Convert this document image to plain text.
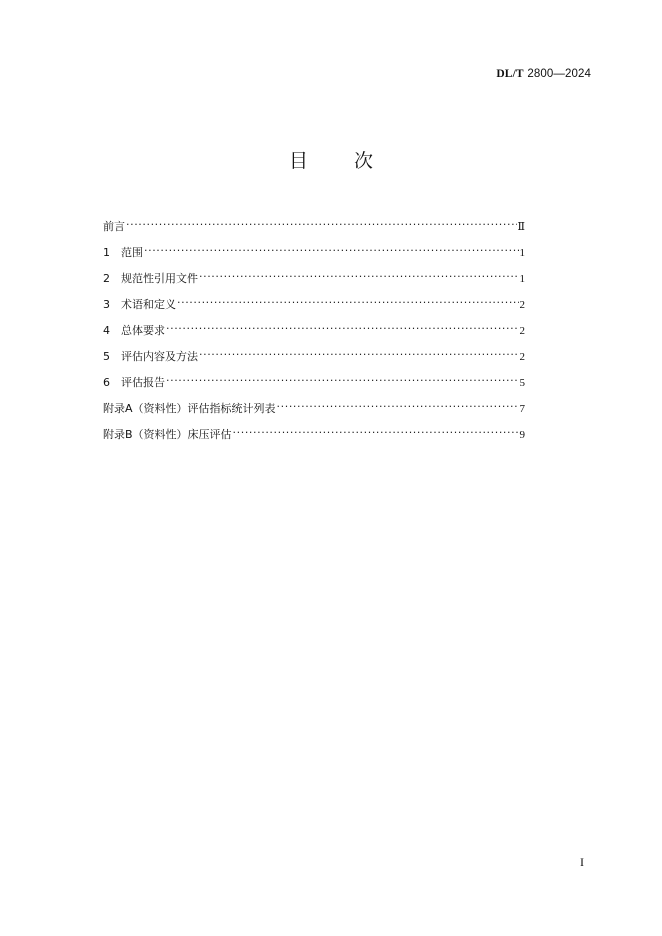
DL/T 2800—2024
目 次
前言 ·····	Ⅱ
1	范围 ·····	1
2	规范性引用文件 ·····	1
3	术语和定义 ·····	2
4	总体要求 ·····	2
5	评估内容及方法 ·····	2
6	评估报告 ·····	5
附录A（资料性）评估指标统计列表 ·····	7
附录B（资料性）床压评估 ·····	9
I
